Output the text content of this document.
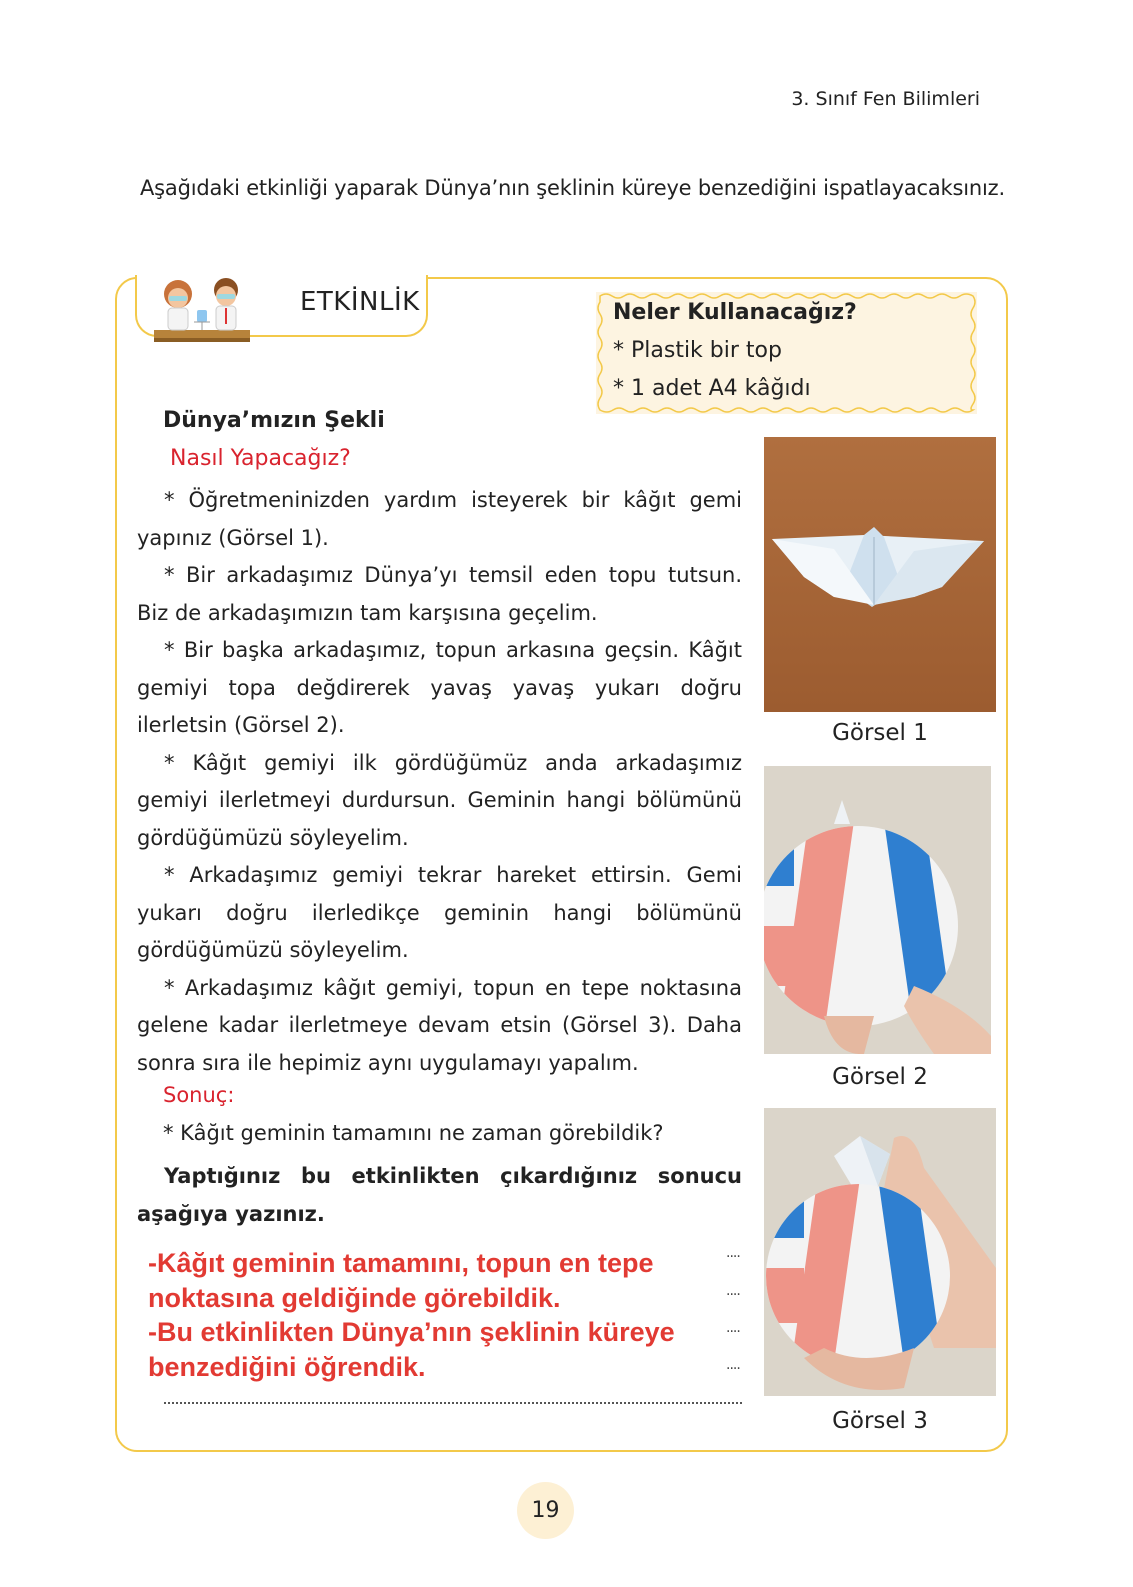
3. Sınıf Fen Bilimleri
Aşağıdaki etkinliği yaparak Dünya’nın şeklinin küreye benzediğini ispatlayacaksınız.
ETKİNLİK	Neler Kullanacağız?
* Plastik bir top
* 1 adet A4 kâğıdı
Dünya’mızın Şekli
Nasıl Yapacağız?

* Öğretmeninizden yardım isteyerek bir kâğıt gemi yapınız (Görsel 1).

* Bir arkadaşımız Dünya’yı temsil eden topu tutsun. Biz de arkadaşımızın tam karşısına geçelim.

* Bir başka arkadaşımız, topun arkasına geçsin. Kâğıt gemiyi topa değdirerek yavaş yavaş yukarı doğru ilerletsin (Görsel 2).

* Kâğıt gemiyi ilk gördüğümüz anda arkadaşımız gemiyi ilerletmeyi durdursun. Geminin hangi bölümünü gördüğümüzü söyleyelim.

* Arkadaşımız gemiyi tekrar hareket ettirsin. Gemi yukarı doğru ilerledikçe geminin hangi bölümünü gördüğümüzü söyleyelim.

* Arkadaşımız kâğıt gemiyi, topun en tepe noktasına gelene kadar ilerletmeye devam etsin (Görsel 3). Daha sonra sıra ile hepimiz aynı uygulamayı yapalım.

Sonuç:
* Kâğıt geminin tamamını ne zaman görebildik?

Yaptığınız bu etkinlikten çıkardığınız sonucu aşağıya yazınız.

-Kâğıt geminin tamamını, topun en tepe
noktasına geldiğinde görebildik.
-Bu etkinlikten Dünya’nın şeklinin küreye
benzediğini öğrendik.
....
....
....
....
Görsel 1
Görsel 2
Görsel 3
19
